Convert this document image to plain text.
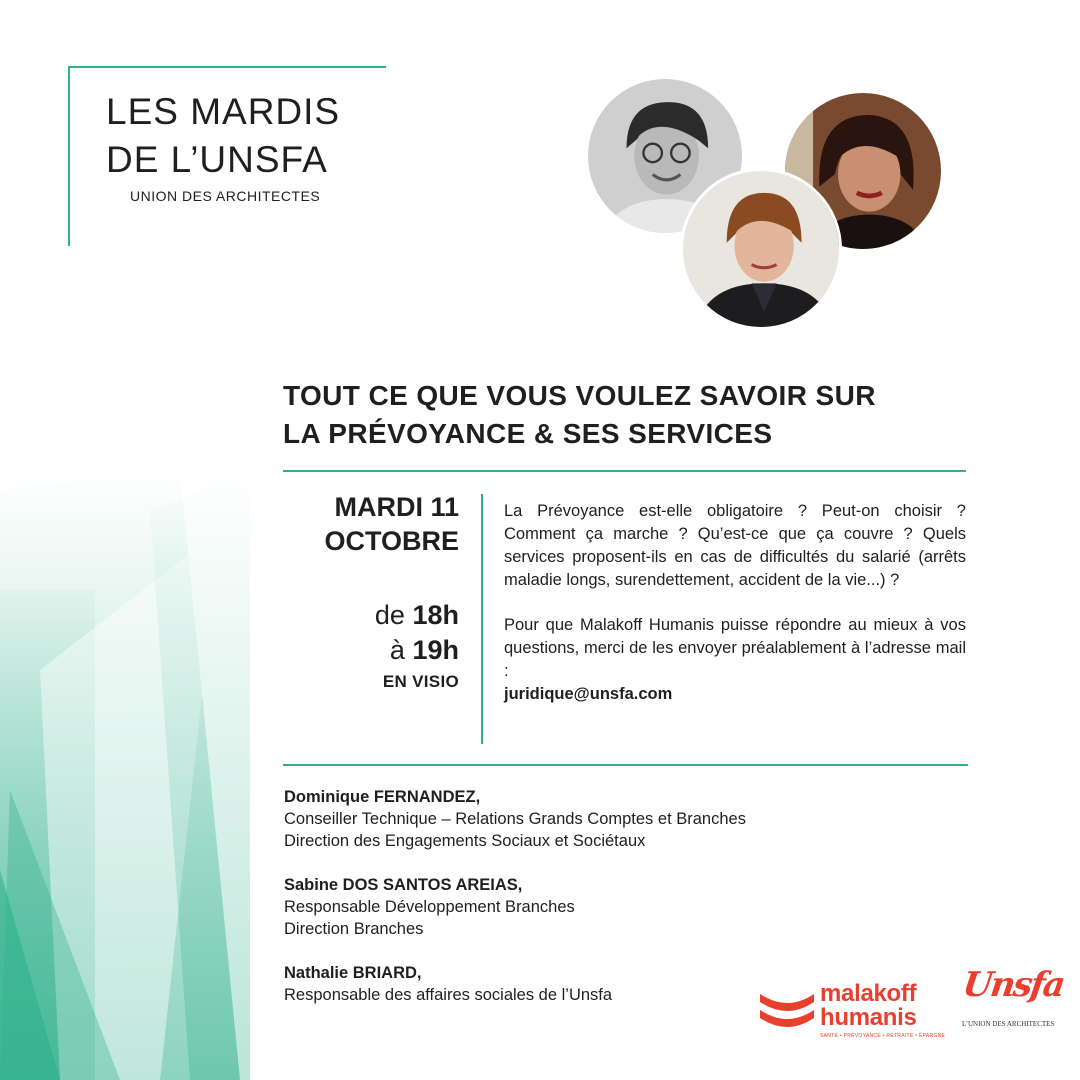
LES MARDIS
DE L’UNSFA
UNION DES ARCHITECTES
TOUT CE QUE VOUS VOULEZ SAVOIR SUR
LA PRÉVOYANCE & SES SERVICES
MARDI 11
OCTOBRE
de 18h
à 19h
EN VISIO

La Prévoyance est-elle obligatoire ? Peut-on choisir ? Comment ça marche ? Qu’est-ce que ça couvre ? Quels services proposent-ils en cas de difficultés du salarié (arrêts maladie longs, surendettement, accident de la vie...) ?

Pour que Malakoff Humanis puisse répondre au mieux à vos questions, merci de les envoyer préalablement à l’adresse mail :
juridique@unsfa.com

Dominique FERNANDEZ,
Conseiller Technique – Relations Grands Comptes et Branches
Direction des Engagements Sociaux et Sociétaux
Sabine DOS SANTOS AREIAS,
Responsable Développement Branches
Direction Branches
Nathalie BRIARD,
Responsable des affaires sociales de l’Unsfa	malakoff
humanis
SANTÉ • PRÉVOYANCE • RETRAITE • ÉPARGNE
Unsfa
L’UNION DES ARCHITECTES
